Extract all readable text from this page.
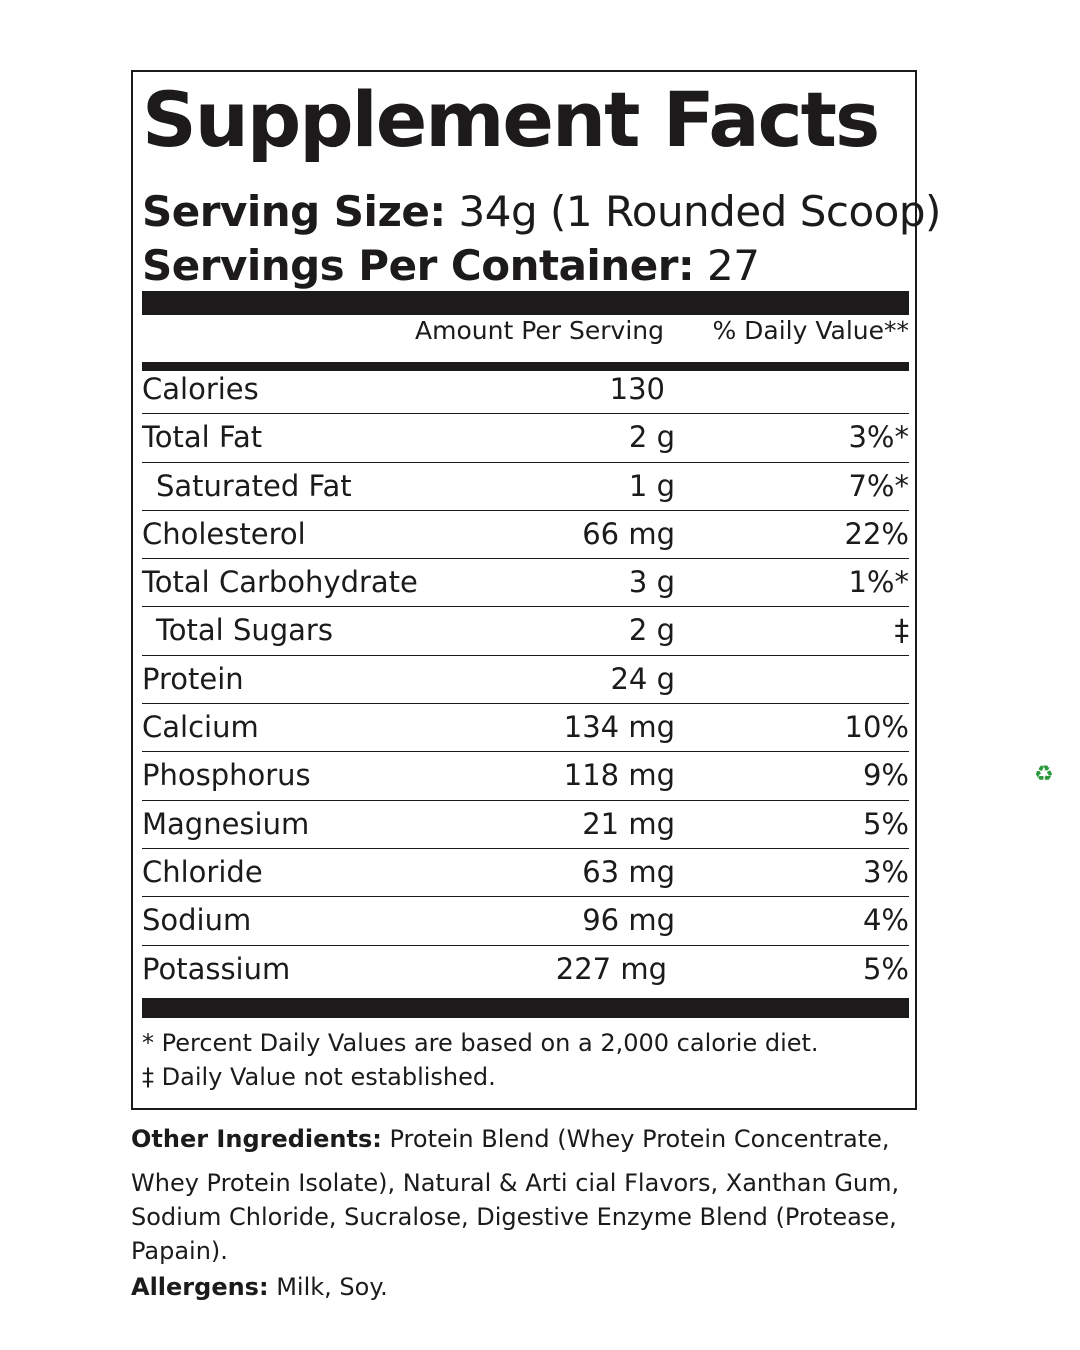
Supplement Facts
Serving Size: 34g (1 Rounded Scoop)
Servings Per Container: 27
Amount Per Serving % Daily Value**
Calories	130
Total Fat	2 g	3%*
Saturated Fat	1 g	7%*
Cholesterol	66 mg	22%
Total Carbohydrate	3 g	1%*
Total Sugars	2 g	‡
Protein	24 g
Calcium	134 mg	10%
Phosphorus	118 mg	9%
Magnesium	21 mg	5%
Chloride	63 mg	3%
Sodium	96 mg	4%
Potassium	227 mg	5%
* Percent Daily Values are based on a 2,000 calorie diet.
‡ Daily Value not established.
Other Ingredients: Protein Blend (Whey Protein Concentrate,
Whey Protein Isolate), Natural & Arti cial Flavors, Xanthan Gum,
Sodium Chloride, Sucralose, Digestive Enzyme Blend (Protease,
Papain).
Allergens: Milk, Soy.
♻
